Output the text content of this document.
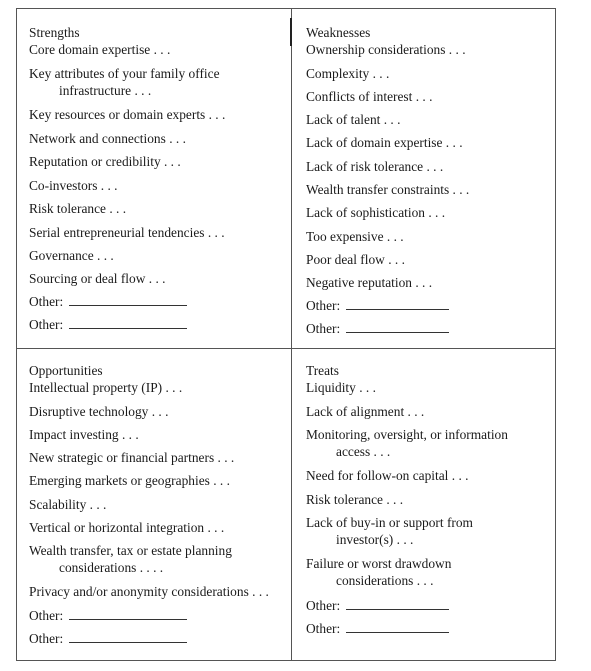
Strengths
Core domain expertise . . .
Key attributes of your family office
infrastructure . . .
Key resources or domain experts . . .
Network and connections . . .
Reputation or credibility . . .
Co-investors . . .
Risk tolerance . . .
Serial entrepreneurial tendencies . . .
Governance . . .
Sourcing or deal flow . . .
Other:
Other:
Weaknesses
Ownership considerations . . .
Complexity . . .
Conflicts of interest . . .
Lack of talent . . .
Lack of domain expertise . . .
Lack of risk tolerance . . .
Wealth transfer constraints . . .
Lack of sophistication . . .
Too expensive . . .
Poor deal flow . . .
Negative reputation . . .
Other:
Other:
Opportunities
Intellectual property (IP) . . .
Disruptive technology . . .
Impact investing . . .
New strategic or financial partners . . .
Emerging markets or geographies . . .
Scalability . . .
Vertical or horizontal integration . . .
Wealth transfer, tax or estate planning
considerations . . . .
Privacy and/or anonymity considerations . . .
Other:
Other:
Treats
Liquidity . . .
Lack of alignment . . .
Monitoring, oversight, or information
access . . .
Need for follow-on capital . . .
Risk tolerance . . .
Lack of buy-in or support from
investor(s) . . .
Failure or worst drawdown
considerations . . .
Other:
Other:
